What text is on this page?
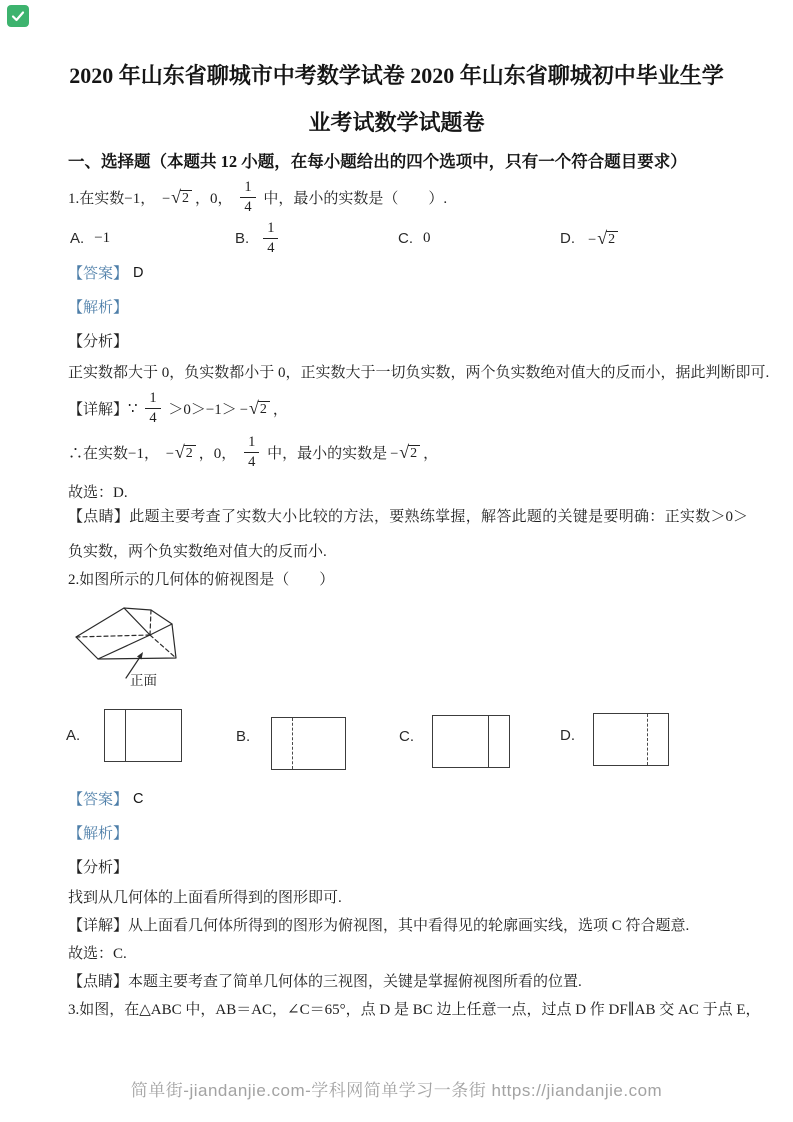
2020 年山东省聊城市中考数学试卷 2020 年山东省聊城初中毕业生学
业考试数学试题卷
一、选择题（本题共 12 小题，在每小题给出的四个选项中，只有一个符合题目要求）
1.在实数−1， − √ 2 ，0， $\frac{1}{4}$ 中，最小的实数是（　　）.
A. −1	B. $\frac{1}{4}$	C. 0	D. − √ 2
【答案】 D
【解析】
【分析】
正实数都大于 0，负实数都小于 0，正实数大于一切负实数，两个负实数绝对值大的反而小，据此判断即可.
【详解】 ∵ $\frac{1}{4} >0>-1>$ − √ 2 ，
∴在实数−1， − √ 2 ，0， $\frac{1}{4}$ 中，最小的实数是 − √ 2 ，
故选：D.
【点睛】此题主要考查了实数大小比较的方法，要熟练掌握，解答此题的关键是要明确：正实数＞0＞负实数，两个负实数绝对值大的反而小.
2.如图所示的几何体的俯视图是（　　）
正面
A.	B.	C.	D.
【答案】 C
【解析】
【分析】
找到从几何体的上面看所得到的图形即可.
【详解】从上面看几何体所得到的图形为俯视图，其中看得见的轮廓画实线，选项 C 符合题意.
故选：C.
【点睛】本题主要考查了简单几何体的三视图，关键是掌握俯视图所看的位置.
3.如图，在△ABC 中，AB＝AC，∠C＝65°，点 D 是 BC 边上任意一点，过点 D 作 DF∥AB 交 AC 于点 E，
简单街-jiandanjie.com-学科网简单学习一条街 https://jiandanjie.com
